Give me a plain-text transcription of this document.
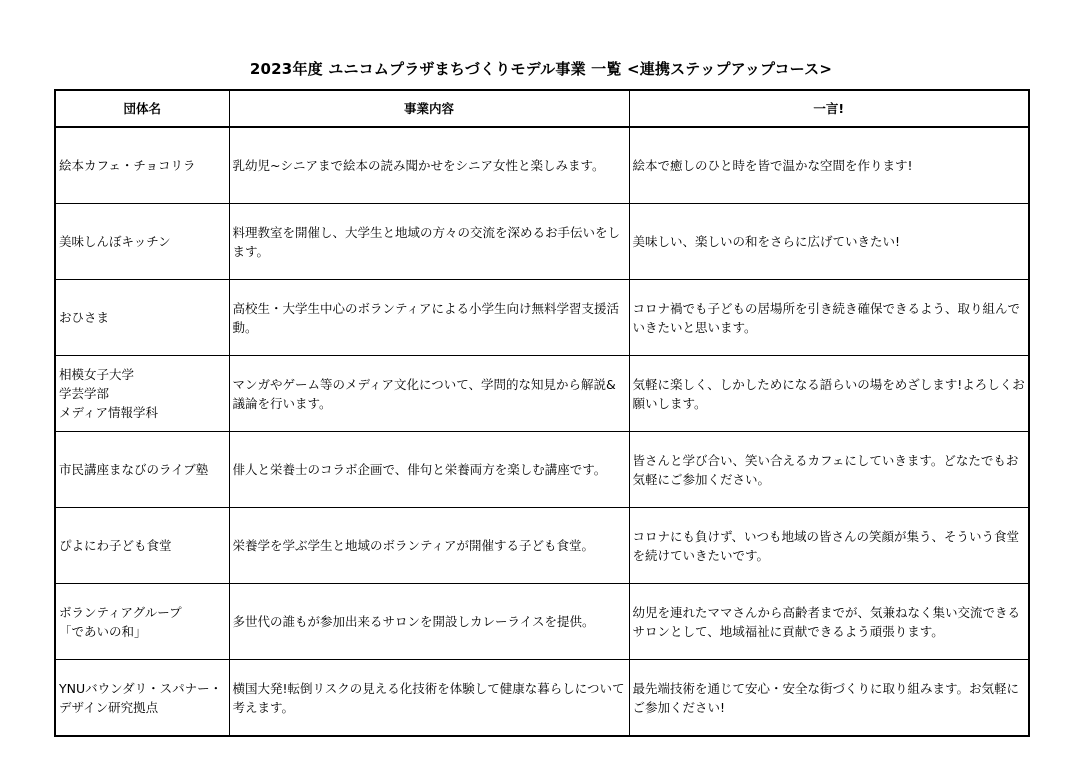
2023年度 ユニコムプラザまちづくりモデル事業 一覧 <連携ステップアップコース>
団体名	事業内容	一言!

絵本カフェ・チョコリラ	乳幼児~シニアまで絵本の読み聞かせをシニア女性と楽しみます。	絵本で癒しのひと時を皆で温かな空間を作ります!

美味しんぼキッチン	料理教室を開催し、大学生と地域の方々の交流を深めるお手伝いをします。	美味しい、楽しいの和をさらに広げていきたい!

おひさま	高校生・大学生中心のボランティアによる小学生向け無料学習支援活動。	コロナ禍でも子どもの居場所を引き続き確保できるよう、取り組んでいきたいと思います。

相模女子大学
学芸学部
メディア情報学科	マンガやゲーム等のメディア文化について、学問的な知見から解説&議論を行います。	気軽に楽しく、しかしためになる語らいの場をめざします!よろしくお願いします。

市民講座まなびのライブ塾	俳人と栄養士のコラボ企画で、俳句と栄養両方を楽しむ講座です。	皆さんと学び合い、笑い合えるカフェにしていきます。どなたでもお気軽にご参加ください。

ぴよにわ子ども食堂	栄養学を学ぶ学生と地域のボランティアが開催する子ども食堂。	コロナにも負けず、いつも地域の皆さんの笑顔が集う、そういう食堂を続けていきたいです。

ボランティアグループ
「であいの和」	多世代の誰もが参加出来るサロンを開設しカレーライスを提供。	幼児を連れたママさんから高齢者までが、気兼ねなく集い交流できるサロンとして、地域福祉に貢献できるよう頑張ります。

YNUバウンダリ・スパナー・
デザイン研究拠点	横国大発!転倒リスクの見える化技術を体験して健康な暮らしについて考えます。	最先端技術を通じて安心・安全な街づくりに取り組みます。お気軽にご参加ください!
